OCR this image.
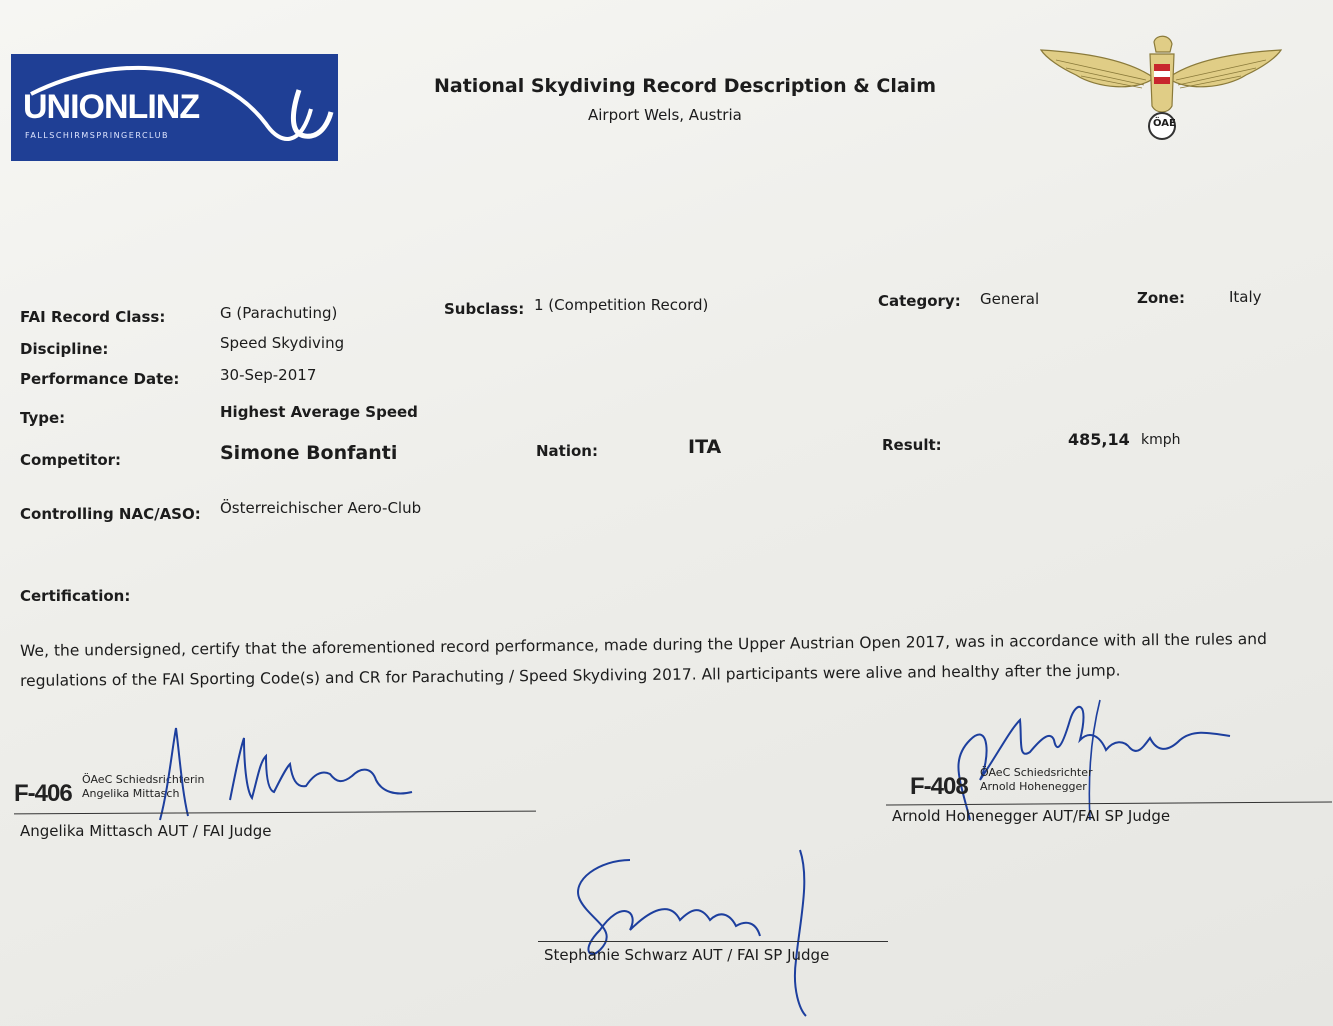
UNIONLINZ
FALLSCHIRMSPRINGERCLUB
National Skydiving Record Description & Claim
Airport Wels, Austria	ÖAE
FAI Record Class:	G (Parachuting)	Subclass: 1 (Competition Record)	Category: General	Zone:	Italy
Discipline:	Speed Skydiving
Performance Date:	30-Sep-2017
Type:	Highest Average Speed
Competitor:	Simone Bonfanti	Nation:	ITA	Result:	485,14 kmph
Controlling NAC/ASO: Österreichischer Aero-Club
Certification:
We, the undersigned, certify that the aforementioned record performance, made during the Upper Austrian Open 2017, was in accordance with all the rules and
regulations of the FAI Sporting Code(s) and CR for Parachuting / Speed Skydiving 2017. All participants were alive and healthy after the jump.
F-406
ÖAeC Schiedsrichterin
Angelika Mittasch
Angelika Mittasch AUT / FAI Judge
F-408
ÖAeC Schiedsrichter
Arnold Hohenegger
Arnold Hohenegger AUT/FAI SP Judge
Stephanie Schwarz AUT / FAI SP Judge
